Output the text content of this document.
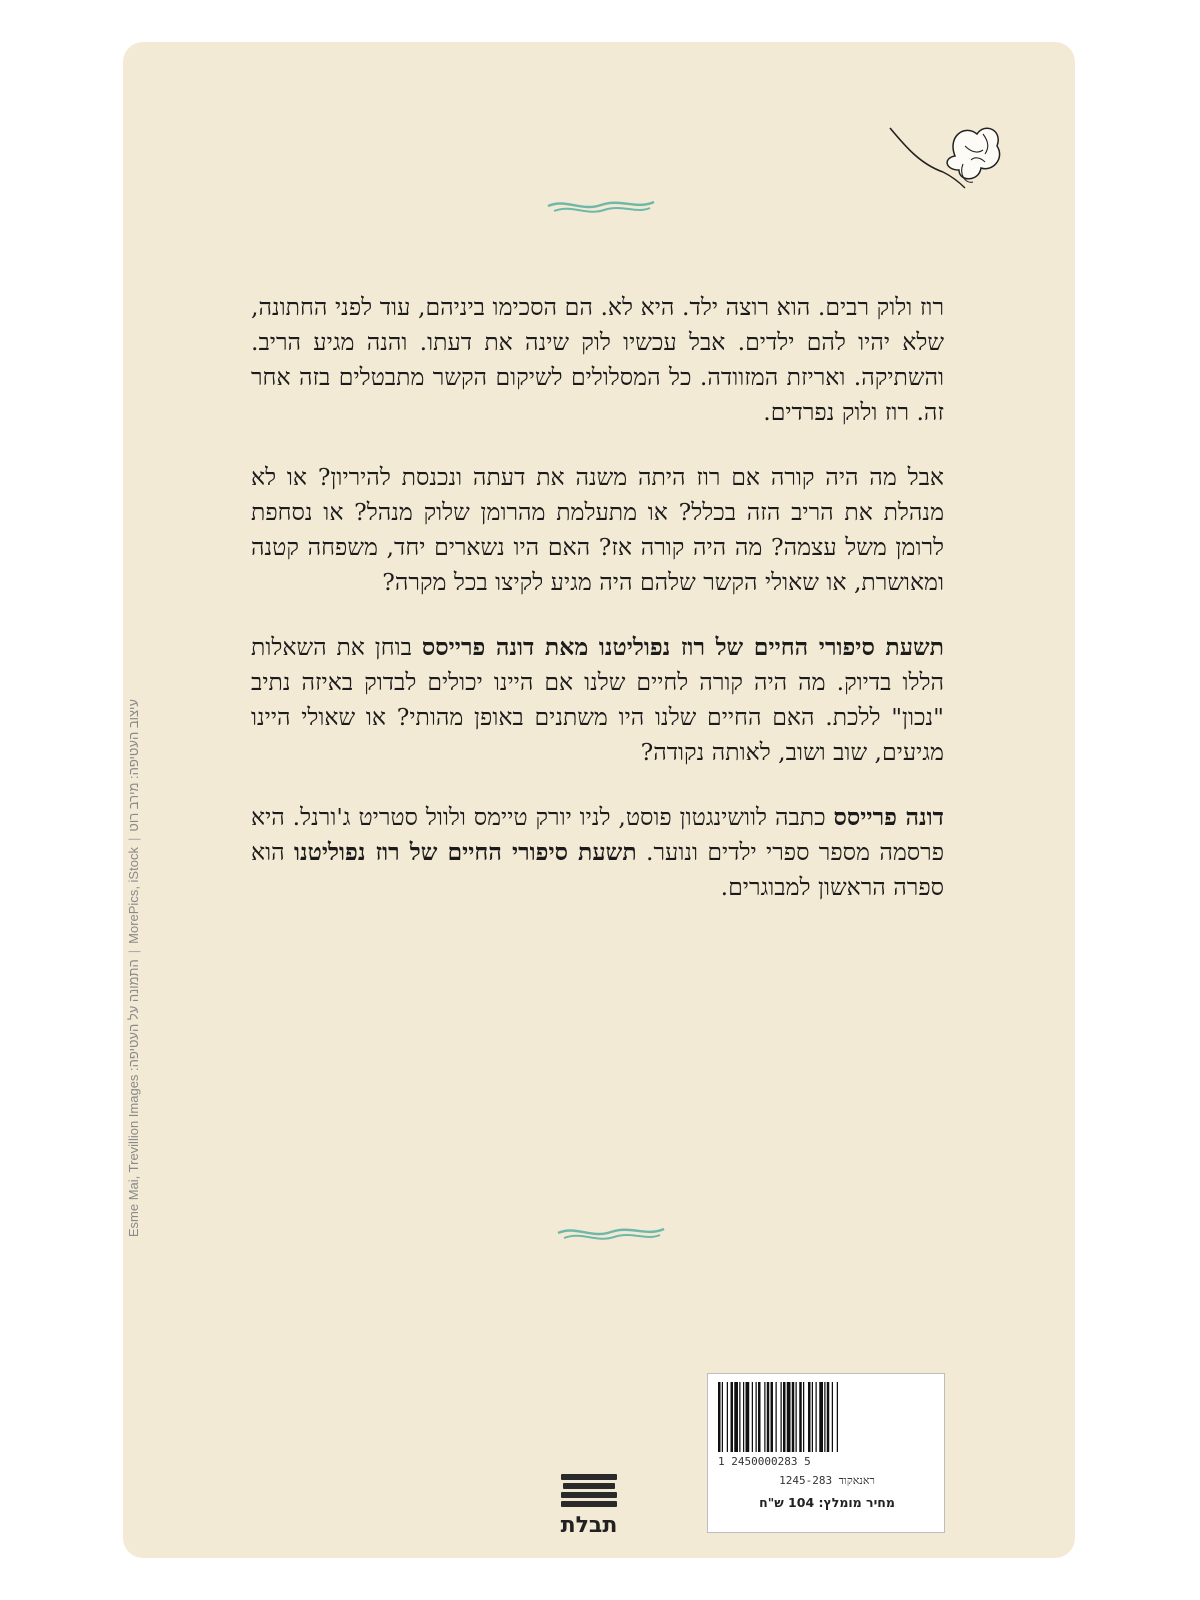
רוז ולוק רבים. הוא רוצה ילד. היא לא. הם הסכימו ביניהם, עוד לפני החתונה, שלא יהיו להם ילדים. אבל עכשיו לוק שינה את דעתו. והנה מגיע הריב. והשתיקה. ואריזת המזוודה. כל המסלולים לשיקום הקשר מתבטלים בזה אחר זה. רוז ולוק נפרדים.

אבל מה היה קורה אם רוז היתה משנה את דעתה ונכנסת להיריון? או לא מנהלת את הריב הזה בכלל? או מתעלמת מהרומן שלוק מנהל? או נסחפת לרומן משל עצמה? מה היה קורה אז? האם היו נשארים יחד, משפחה קטנה ומאושרת, או שאולי הקשר שלהם היה מגיע לקיצו בכל מקרה?

תשעת סיפורי החיים של רוז נפוליטנו מאת דונה פרייסס בוחן את השאלות הללו בדיוק. מה היה קורה לחיים שלנו אם היינו יכולים לבדוק באיזה נתיב "נכון" ללכת. האם החיים שלנו היו משתנים באופן מהותי? או שאולי היינו מגיעים, שוב ושוב, לאותה נקודה?

דונה פרייסס כתבה לוושינגטון פוסט, לניו יורק טיימס ולוול סטריט ג'ורנל. היא פרסמה מספר ספרי ילדים ונוער. תשעת סיפורי החיים של רוז נפוליטנו הוא ספרה הראשון למבוגרים.

עיצוב העטיפה: מירב רוט|MorePics, iStock|התמונה על העטיפה: Esme Mai, Trevillion Images
תבלת
1 2450000283 5
ראנאקוד 1245-283
מחיר מומלץ: 104 ש"ח
